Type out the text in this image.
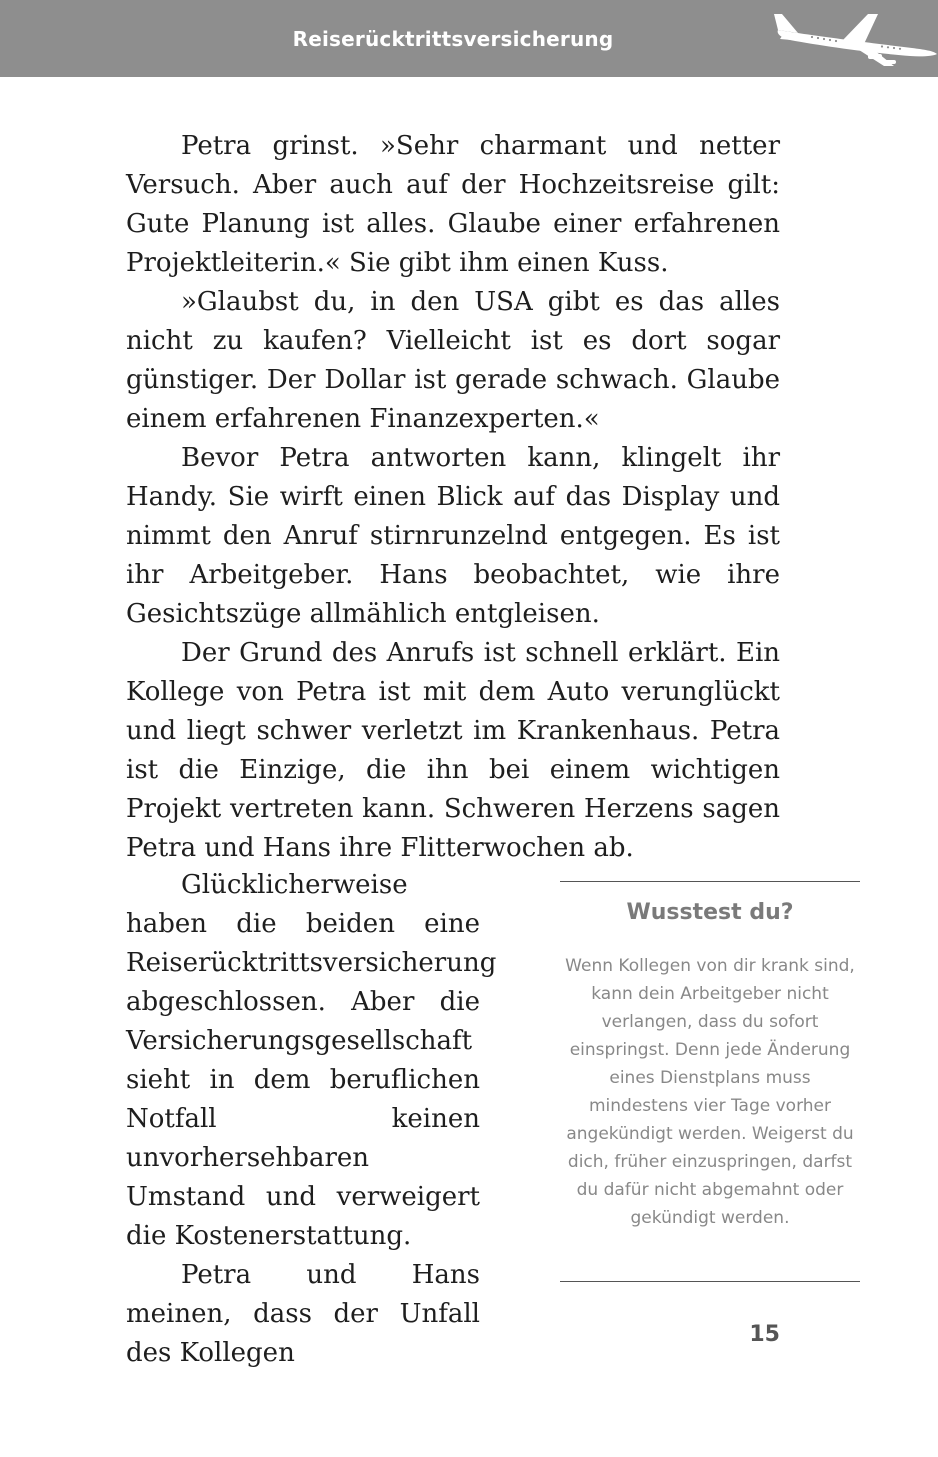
Reiserücktrittsversicherung

Petra grinst. »Sehr charmant und netter Versuch. Aber auch auf der Hochzeitsreise gilt: Gute Planung ist alles. Glaube einer erfahrenen Projektleiterin.« Sie gibt ihm einen Kuss.

»Glaubst du, in den USA gibt es das alles nicht zu kaufen? Vielleicht ist es dort sogar günstiger. Der Dollar ist gerade schwach. Glaube einem erfahrenen Finanzexperten.«

Bevor Petra antworten kann, klingelt ihr Handy. Sie wirft einen Blick auf das Display und nimmt den Anruf stirnrunzelnd entgegen. Es ist ihr Arbeitgeber. Hans beobachtet, wie ihre Gesichtszüge allmählich entgleisen.

Der Grund des Anrufs ist schnell erklärt. Ein Kollege von Petra ist mit dem Auto verunglückt und liegt schwer verletzt im Krankenhaus. Petra ist die Einzige, die ihn bei einem wichtigen Projekt vertreten kann. Schweren Herzens sagen Petra und Hans ihre Flitterwochen ab.

Glücklicherweise haben die beiden eine Reiserücktrittsversicherung abgeschlossen. Aber die Versicherungsgesellschaft sieht in dem beruflichen Notfall keinen unvorhersehbaren Umstand und verweigert die Kostenerstattung.

Petra und Hans meinen, dass der Unfall des Kollegen

Wusstest du?
Wenn Kollegen von dir krank sind, kann dein Arbeitgeber nicht verlangen, dass du sofort einspringst. Denn jede Änderung eines Dienstplans muss mindestens vier Tage vorher angekündigt werden. Weigerst du dich, früher einzuspringen, darfst du dafür nicht abgemahnt oder gekündigt werden.
15
